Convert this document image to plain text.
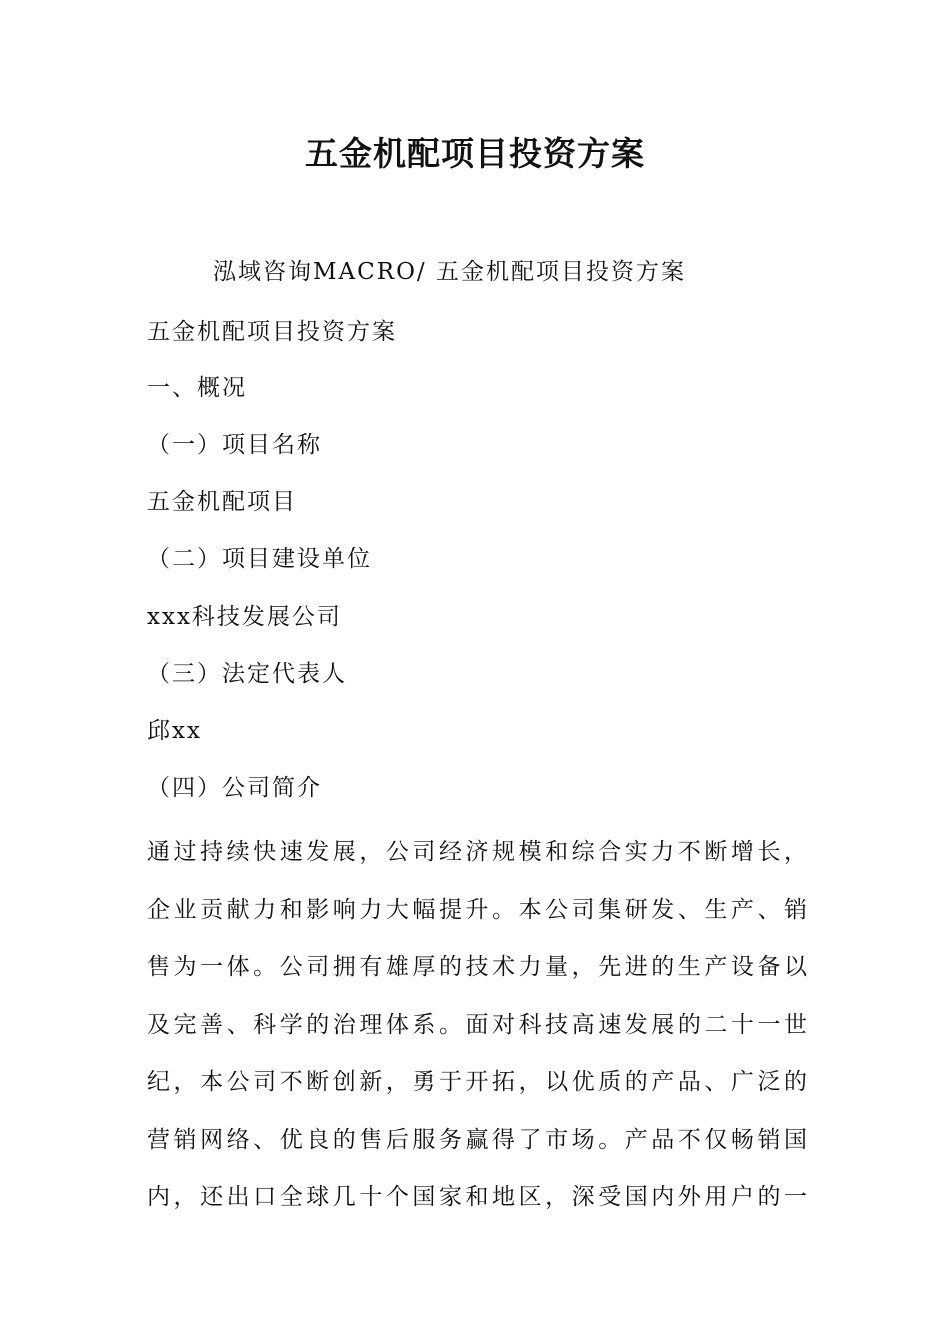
五金机配项目投资方案
泓域咨询MACRO/ 五金机配项目投资方案
五金机配项目投资方案
一、概况
（一）项目名称
五金机配项目
（二）项目建设单位
xxx科技发展公司
（三）法定代表人
邱xx
（四）公司简介
通过持续快速发展，公司经济规模和综合实力不断增长，
企业贡献力和影响力大幅提升。本公司集研发、生产、销
售为一体。公司拥有雄厚的技术力量，先进的生产设备以
及完善、科学的治理体系。面对科技高速发展的二十一世
纪，本公司不断创新，勇于开拓，以优质的产品、广泛的
营销网络、优良的售后服务赢得了市场。产品不仅畅销国
内，还出口全球几十个国家和地区，深受国内外用户的一
